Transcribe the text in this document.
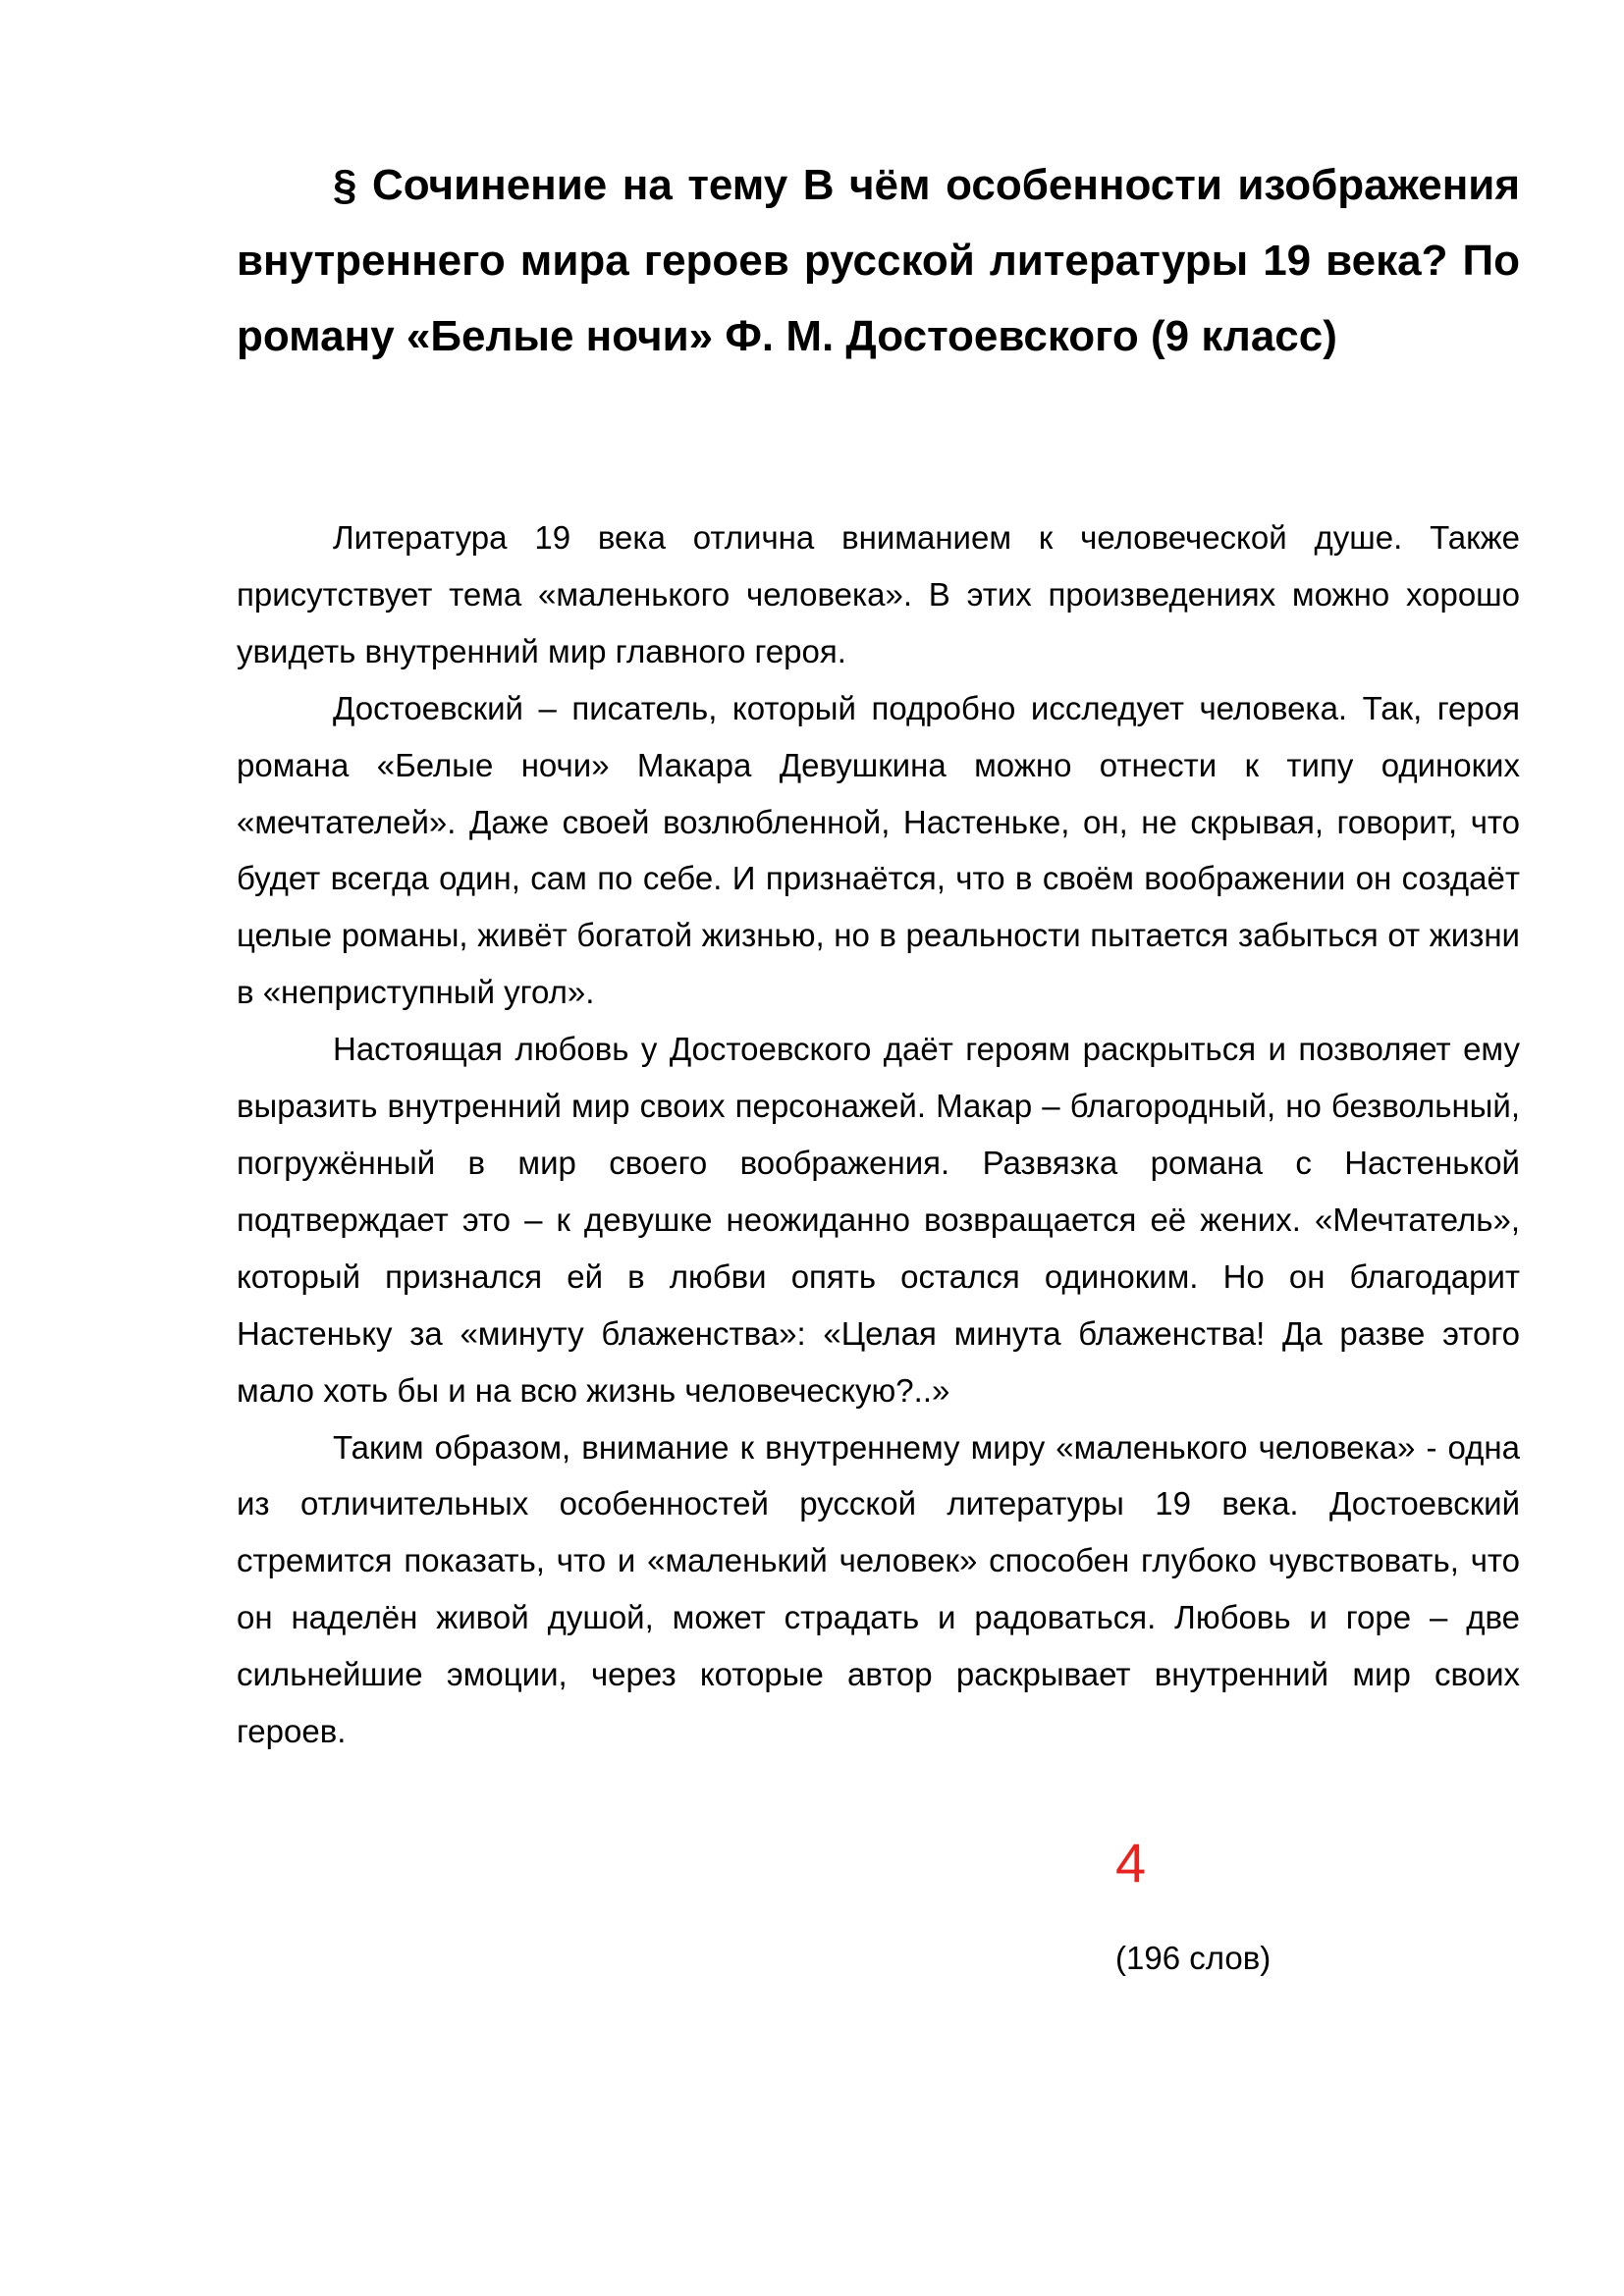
§ Сочинение на тему В чём особенности изображения внутреннего мира героев русской литературы 19 века? По роману «Белые ночи» Ф. М. Достоевского (9 класс)

Литература 19 века отлична вниманием к человеческой душе. Также присутствует тема «маленького человека». В этих произведениях можно хорошо увидеть внутренний мир главного героя.

Достоевский – писатель, который подробно исследует человека. Так, героя романа «Белые ночи» Макара Девушкина можно отнести к типу одиноких «мечтателей». Даже своей возлюбленной, Настеньке, он, не скрывая, говорит, что будет всегда один, сам по себе. И признаётся, что в своём воображении он создаёт целые романы, живёт богатой жизнью, но в реальности пытается забыться от жизни в «неприступный угол».

Настоящая любовь у Достоевского даёт героям раскрыться и позволяет ему выразить внутренний мир своих персонажей. Макар – благородный, но безвольный, погружённый в мир своего воображения. Развязка романа с Настенькой подтверждает это – к девушке неожиданно возвращается её жених. «Мечтатель», который признался ей в любви опять остался одиноким. Но он благодарит Настеньку за «минуту блаженства»: «Целая минута блаженства! Да разве этого мало хоть бы и на всю жизнь человеческую?..»

Таким образом, внимание к внутреннему миру «маленького человека» - одна из отличительных особенностей русской литературы 19 века. Достоевский стремится показать, что и «маленький человек» способен глубоко чувствовать, что он наделён живой душой, может страдать и радоваться. Любовь и горе – две сильнейшие эмоции, через которые автор раскрывает внутренний мир своих героев.

4
(196 слов)
